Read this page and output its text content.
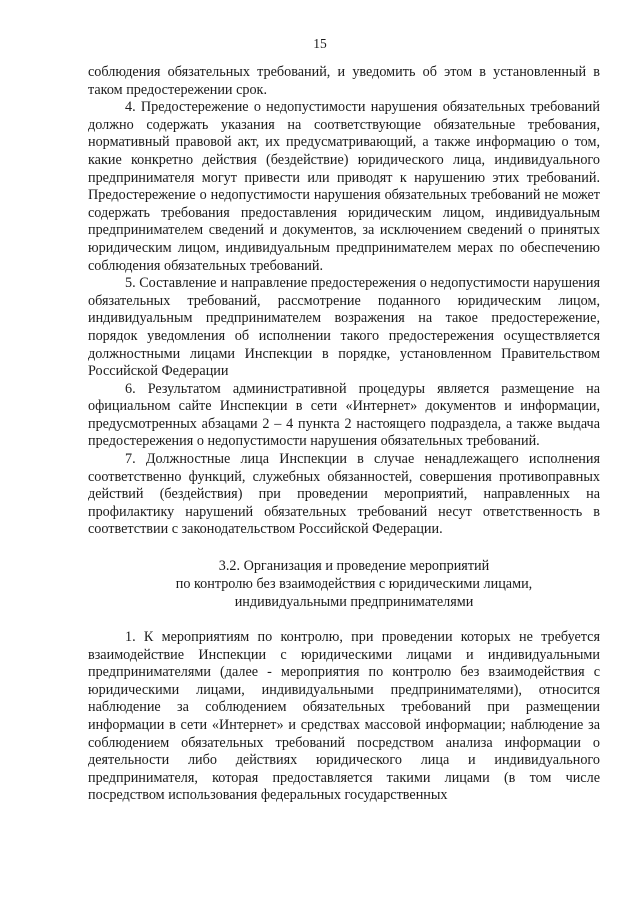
15

соблюдения обязательных требований, и уведомить об этом в установленный в таком предостережении срок.

4. Предостережение о недопустимости нарушения обязательных требований должно содержать указания на соответствующие обязательные требования, нормативный правовой акт, их предусматривающий, а также информацию о том, какие конкретно действия (бездействие) юридического лица, индивидуального предпринимателя могут привести или приводят к нарушению этих требований. Предостережение о недопустимости нарушения обязательных требований не может содержать требования предоставления юридическим лицом, индивидуальным предпринимателем сведений и документов, за исключением сведений о принятых юридическим лицом, индивидуальным предпринимателем мерах по обеспечению соблюдения обязательных требований.

5. Составление и направление предостережения о недопустимости нарушения обязательных требований, рассмотрение поданного юридическим лицом, индивидуальным предпринимателем возражения на такое предостережение, порядок уведомления об исполнении такого предостережения осуществляется должностными лицами Инспекции в порядке, установленном Правительством Российской Федерации

6. Результатом административной процедуры является размещение на официальном сайте Инспекции в сети «Интернет» документов и информации, предусмотренных абзацами 2 – 4 пункта 2 настоящего подраздела, а также выдача предостережения о недопустимости нарушения обязательных требований.

7. Должностные лица Инспекции в случае ненадлежащего исполнения соответственно функций, служебных обязанностей, совершения противоправных действий (бездействия) при проведении мероприятий, направленных на профилактику нарушений обязательных требований несут ответственность в соответствии с законодательством Российской Федерации.

3.2. Организация и проведение мероприятий
по контролю без взаимодействия с юридическими лицами,
индивидуальными предпринимателями

1. К мероприятиям по контролю, при проведении которых не требуется взаимодействие Инспекции с юридическими лицами и индивидуальными предпринимателями (далее - мероприятия по контролю без взаимодействия с юридическими лицами, индивидуальными предпринимателями), относится наблюдение за соблюдением обязательных требований при размещении информации в сети «Интернет» и средствах массовой информации; наблюдение за соблюдением обязательных требований посредством анализа информации о деятельности либо действиях юридического лица и индивидуального предпринимателя, которая предоставляется такими лицами (в том числе посредством использования федеральных государственных
